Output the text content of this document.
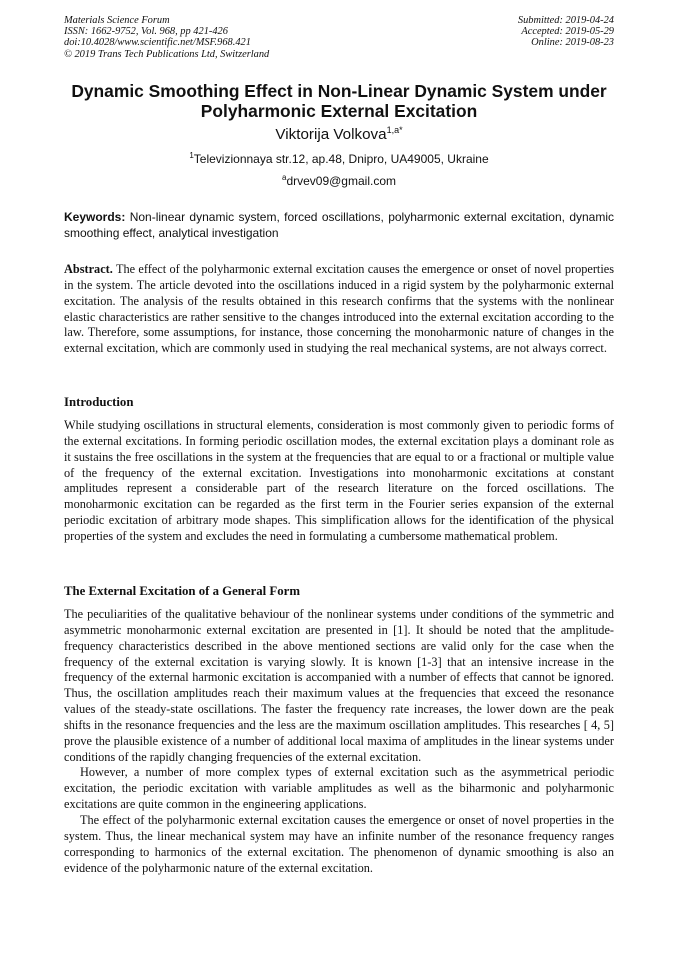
Materials Science Forum
ISSN: 1662-9752, Vol. 968, pp 421-426
doi:10.4028/www.scientific.net/MSF.968.421
© 2019 Trans Tech Publications Ltd, Switzerland
Submitted: 2019-04-24
Accepted: 2019-05-29
Online: 2019-08-23
Dynamic Smoothing Effect in Non-Linear Dynamic System under Polyharmonic External Excitation
Viktorija Volkova$^{1,a*}$
$^1$Televizionnaya str.12, ap.48, Dnipro, UA49005, Ukraine
$^a$drvev09@gmail.com
Keywords: Non-linear dynamic system, forced oscillations, polyharmonic external excitation, dynamic smoothing effect, analytical investigation

Abstract. The effect of the polyharmonic external excitation causes the emergence or onset of novel properties in the system. The article devoted into the oscillations induced in a rigid system by the polyharmonic external excitation. The analysis of the results obtained in this research confirms that the systems with the nonlinear elastic characteristics are rather sensitive to the changes introduced into the external excitation according to the law. Therefore, some assumptions, for instance, those concerning the monoharmonic nature of changes in the external excitation, which are commonly used in studying the real mechanical systems, are not always correct.

Introduction

While studying oscillations in structural elements, consideration is most commonly given to periodic forms of the external excitations. In forming periodic oscillation modes, the external excitation plays a dominant role as it sustains the free oscillations in the system at the frequencies that are equal to or a fractional or multiple value of the frequency of the external excitation. Investigations into monoharmonic excitations at constant amplitudes represent a considerable part of the research literature on the forced oscillations. The monoharmonic excitation can be regarded as the first term in the Fourier series expansion of the external periodic excitation of arbitrary mode shapes. This simplification allows for the identification of the physical properties of the system and excludes the need in formulating a cumbersome mathematical problem.

The External Excitation of a General Form

The peculiarities of the qualitative behaviour of the nonlinear systems under conditions of the symmetric and asymmetric monoharmonic external excitation are presented in [1]. It should be noted that the amplitude-frequency characteristics described in the above mentioned sections are valid only for the case when the frequency of the external excitation is varying slowly. It is known [1-3] that an intensive increase in the frequency of the external harmonic excitation is accompanied with a number of effects that cannot be ignored. Thus, the oscillation amplitudes reach their maximum values at the frequencies that exceed the resonance values of the steady-state oscillations. The faster the frequency rate increases, the lower down are the peak shifts in the resonance frequencies and the less are the maximum oscillation amplitudes. This researches [ 4, 5] prove the plausible existence of a number of additional local maxima of amplitudes in the linear systems under conditions of the rapidly changing frequencies of the external excitation.

However, a number of more complex types of external excitation such as the asymmetrical periodic excitation, the periodic excitation with variable amplitudes as well as the biharmonic and polyharmonic excitations are quite common in the engineering applications.

The effect of the polyharmonic external excitation causes the emergence or onset of novel properties in the system. Thus, the linear mechanical system may have an infinite number of the resonance frequency ranges corresponding to harmonics of the external excitation. The phenomenon of dynamic smoothing is also an evidence of the polyharmonic nature of the external excitation.
